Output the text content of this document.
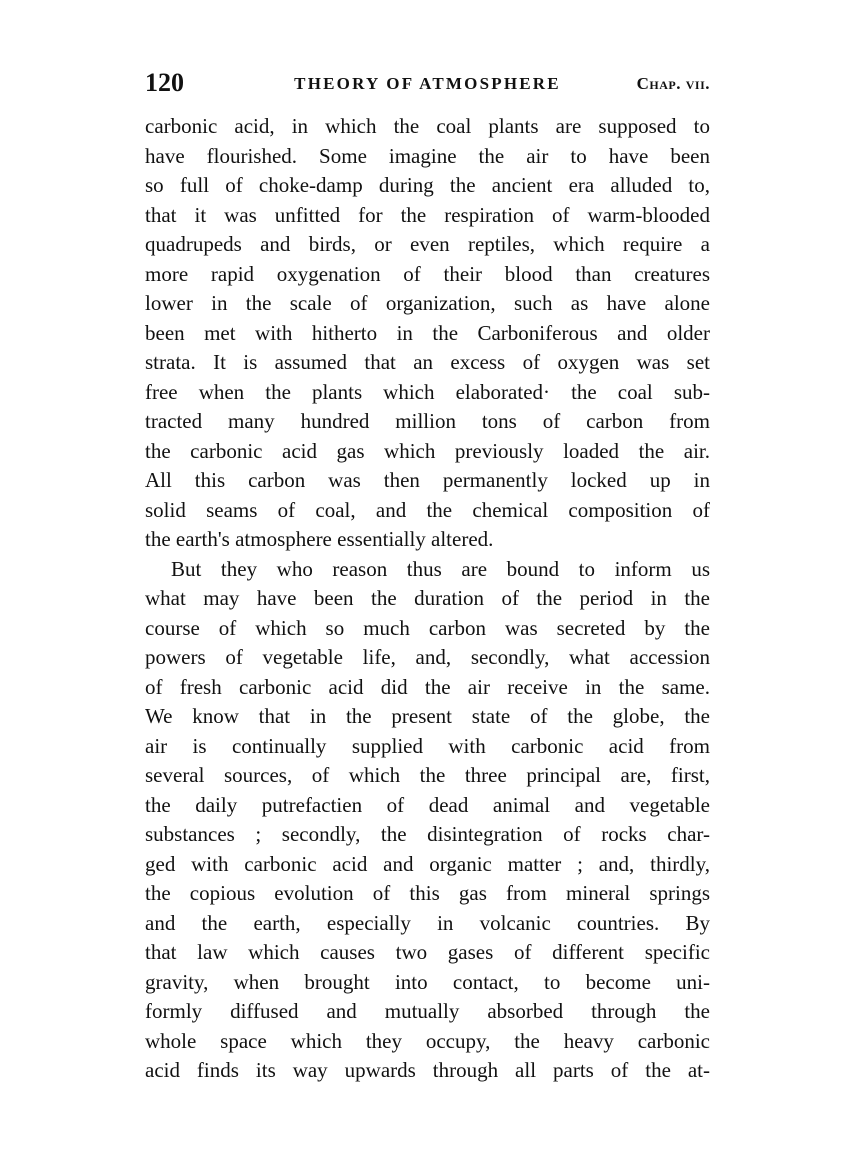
120	THEORY OF ATMOSPHERE	Chap. vii.
carbonic acid, in which the coal plants are supposed to
have flourished. Some imagine the air to have been
so full of choke-damp during the ancient era alluded to,
that it was unfitted for the respiration of warm-blooded
quadrupeds and birds, or even reptiles, which require a
more rapid oxygenation of their blood than creatures
lower in the scale of organization, such as have alone
been met with hitherto in the Carboniferous and older
strata. It is assumed that an excess of oxygen was set
free when the plants which elaborated· the coal sub-
tracted many hundred million tons of carbon from
the carbonic acid gas which previously loaded the air.
All this carbon was then permanently locked up in
solid seams of coal, and the chemical composition of
the earth's atmosphere essentially altered.
But they who reason thus are bound to inform us
what may have been the duration of the period in the
course of which so much carbon was secreted by the
powers of vegetable life, and, secondly, what accession
of fresh carbonic acid did the air receive in the same.
We know that in the present state of the globe, the
air is continually supplied with carbonic acid from
several sources, of which the three principal are, first,
the daily putrefactien of dead animal and vegetable
substances ; secondly, the disintegration of rocks char-
ged with carbonic acid and organic matter ; and, thirdly,
the copious evolution of this gas from mineral springs
and the earth, especially in volcanic countries. By
that law which causes two gases of different specific
gravity, when brought into contact, to become uni-
formly diffused and mutually absorbed through the
whole space which they occupy, the heavy carbonic
acid finds its way upwards through all parts of the at-
